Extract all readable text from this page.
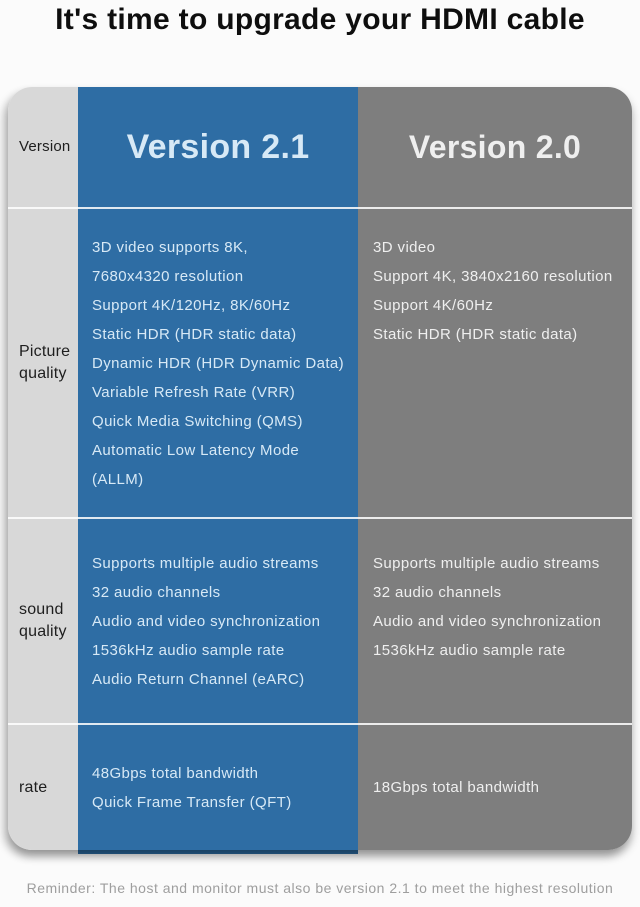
It's time to upgrade your HDMI cable
Version	Version 2.1	Version 2.0
Picture quality
3D video supports 8K,
7680x4320 resolution
Support 4K/120Hz, 8K/60Hz
Static HDR (HDR static data)
Dynamic HDR (HDR Dynamic Data)
Variable Refresh Rate (VRR)
Quick Media Switching (QMS)
Automatic Low Latency Mode
(ALLM)
3D video
Support 4K, 3840x2160 resolution
Support 4K/60Hz
Static HDR (HDR static data)
sound quality
Supports multiple audio streams
32 audio channels
Audio and video synchronization
1536kHz audio sample rate
Audio Return Channel (eARC)
Supports multiple audio streams
32 audio channels
Audio and video synchronization
1536kHz audio sample rate
rate
48Gbps total bandwidth
Quick Frame Transfer (QFT)
18Gbps total bandwidth
Reminder: The host and monitor must also be version 2.1 to meet the highest resolution
